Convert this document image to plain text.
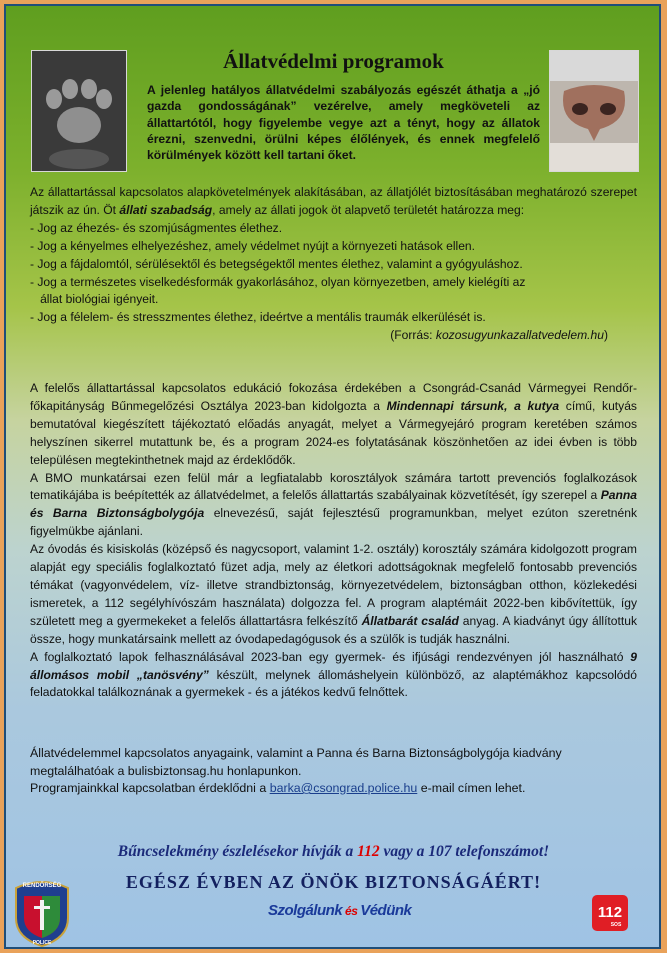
Állatvédelmi programok
A jelenleg hatályos állatvédelmi szabályozás egészét áthatja a „jó gazda gondosságának” vezérelve, amely megköveteli az állattartótól, hogy figyelembe vegye azt a tényt, hogy az állatok érezni, szenvedni, örülni képes élőlények, és ennek megfelelő körülmények között kell tartani őket.

Az állattartással kapcsolatos alapkövetelmények alakításában, az állatjólét biztosításában meghatározó szerepet játszik az ún. Öt állati szabadság, amely az állati jogok öt alapvető területét határozza meg:

- Jog az éhezés- és szomjúságmentes élethez.

- Jog a kényelmes elhelyezéshez, amely védelmet nyújt a környezeti hatások ellen.

- Jog a fájdalomtól, sérülésektől és betegségektől mentes élethez, valamint a gyógyuláshoz.

- Jog a természetes viselkedésformák gyakorlásához, olyan környezetben, amely kielégíti az

állat biológiai igényeit.

- Jog a félelem- és stresszmentes élethez, ideértve a mentális traumák elkerülését is.

(Forrás: kozosugyunkazallatvedelem.hu)

A felelős állattartással kapcsolatos edukáció fokozása érdekében a Csongrád-Csanád Vármegyei Rendőr-főkapitányság Bűnmegelőzési Osztálya 2023-ban kidolgozta a Mindennapi társunk, a kutya című, kutyás bemutatóval kiegészített tájékoztató előadás anyagát, melyet a Vármegyejáró program keretében számos helyszínen sikerrel mutattunk be, és a program 2024-es folytatásának köszönhetően az idei évben is több településen megtekinthetnek majd az érdeklődők.

A BMO munkatársai ezen felül már a legfiatalabb korosztályok számára tartott prevenciós foglalkozások tematikájába is beépítették az állatvédelmet, a felelős állattartás szabályainak közvetítését, így szerepel a Panna és Barna Biztonságbolygója elnevezésű, saját fejlesztésű programunkban, melyet ezúton szeretnénk figyelmükbe ajánlani.

Az óvodás és kisiskolás (középső és nagycsoport, valamint 1-2. osztály) korosztály számára kidolgozott program alapját egy speciális foglalkoztató füzet adja, mely az életkori adottságoknak megfelelő fontosabb prevenciós témákat (vagyonvédelem, víz- illetve strandbiztonság, környezetvédelem, biztonságban otthon, közlekedési ismeretek, a 112 segélyhívószám használata) dolgozza fel. A program alaptémáit 2022-ben kibővítettük, így született meg a gyermekeket a felelős állattartásra felkészítő Állatbarát család anyag. A kiadványt úgy állítottuk össze, hogy munkatársaink mellett az óvodapedagógusok és a szülők is tudják használni.

A foglalkoztató lapok felhasználásával 2023-ban egy gyermek- és ifjúsági rendezvényen jól használható 9 állomásos mobil „tanösvény” készült, melynek állomáshelyein különböző, az alaptémákhoz kapcsolódó feladatokkal találkoznának a gyermekek - és a játékos kedvű felnőttek.

Állatvédelemmel kapcsolatos anyagaink, valamint a Panna és Barna Biztonságbolygója kiadvány megtalálhatóak a bulisbiztonsag.hu honlapunkon.

Programjainkkal kapcsolatban érdeklődni a barka@csongrad.police.hu e-mail címen lehet.

Bűncselekmény észlelésekor hívják a 112 vagy a 107 telefonszámot!
EGÉSZ ÉVBEN AZ ÖNÖK BIZTONSÁGÁÉRT!
Szolgálunk és Védünk
RENDŐRSÉG
POLICE
112
SOS
